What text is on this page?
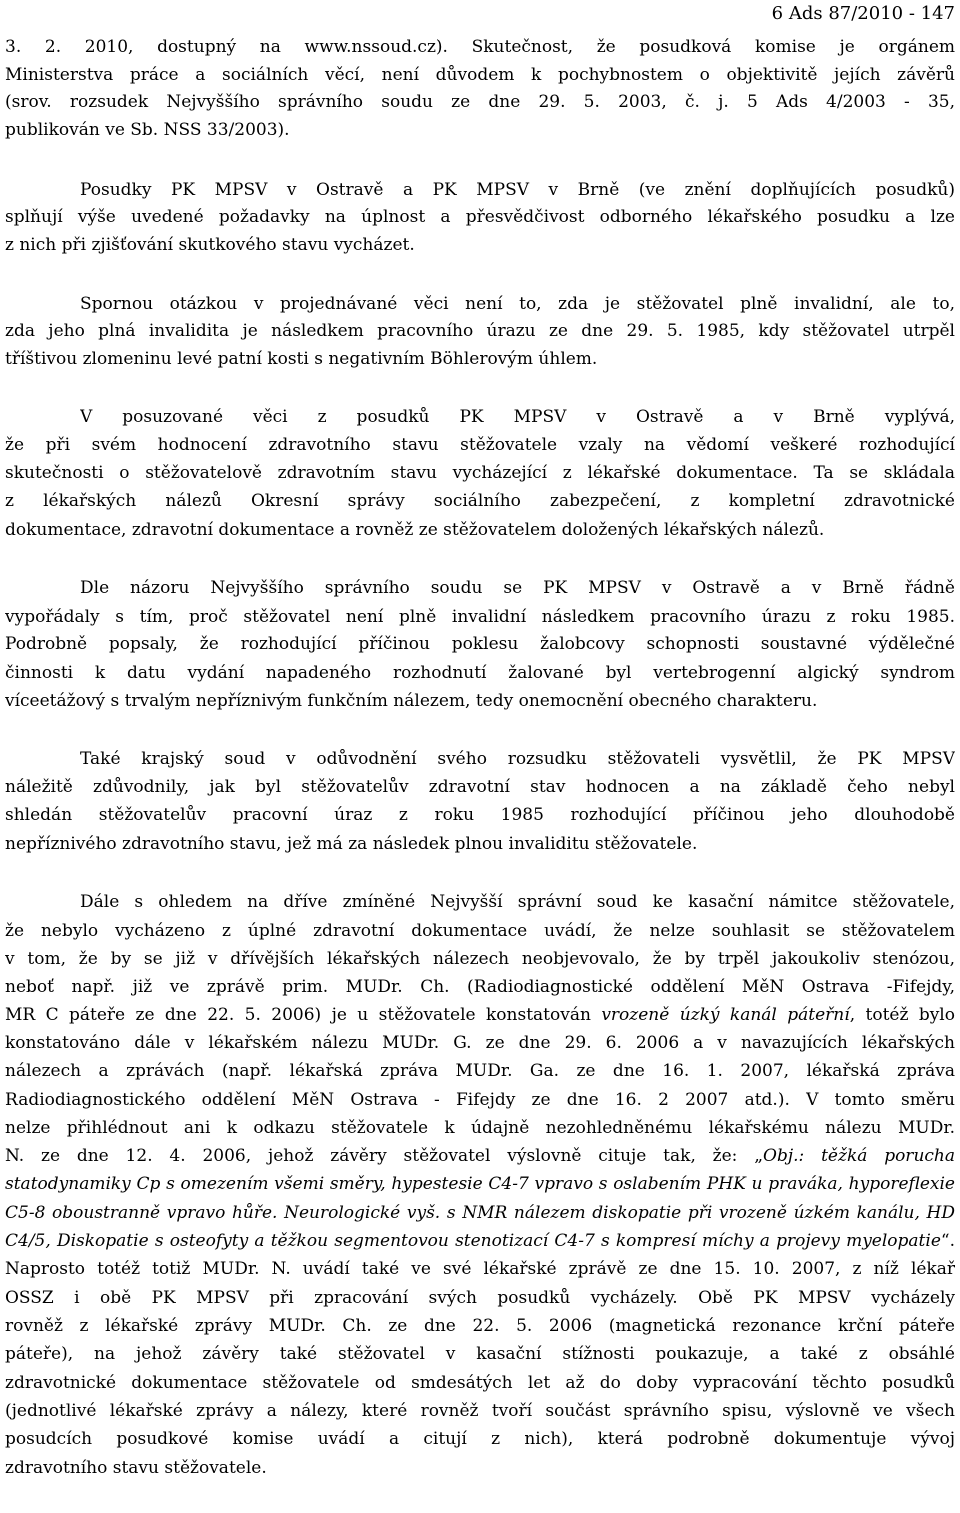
6 Ads 87/2010 - 147
3. 2. 2010, dostupný na www.nssoud.cz). Skutečnost, že posudková komise je orgánem
Ministerstva práce a sociálních věcí, není důvodem k pochybnostem o objektivitě jejích závěrů
(srov. rozsudek Nejvyššího správního soudu ze dne 29. 5. 2003, č. j. 5 Ads 4/2003 - 35,
publikován ve Sb. NSS 33/2003).
Posudky PK MPSV v Ostravě a PK MPSV v Brně (ve znění doplňujících posudků)
splňují výše uvedené požadavky na úplnost a přesvědčivost odborného lékařského posudku a lze
z nich při zjišťování skutkového stavu vycházet.
Spornou otázkou v projednávané věci není to, zda je stěžovatel plně invalidní, ale to,
zda jeho plná invalidita je následkem pracovního úrazu ze dne 29. 5. 1985, kdy stěžovatel utrpěl
tříštivou zlomeninu levé patní kosti s negativním Böhlerovým úhlem.
V posuzované věci z posudků PK MPSV v Ostravě a v Brně vyplývá,
že při svém hodnocení zdravotního stavu stěžovatele vzaly na vědomí veškeré rozhodující
skutečnosti o stěžovatelově zdravotním stavu vycházející z lékařské dokumentace. Ta se skládala
z lékařských nálezů Okresní správy sociálního zabezpečení, z kompletní zdravotnické
dokumentace, zdravotní dokumentace a rovněž ze stěžovatelem doložených lékařských nálezů.
Dle názoru Nejvyššího správního soudu se PK MPSV v Ostravě a v Brně řádně
vypořádaly s tím, proč stěžovatel není plně invalidní následkem pracovního úrazu z roku 1985.
Podrobně popsaly, že rozhodující příčinou poklesu žalobcovy schopnosti soustavné výdělečné
činnosti k datu vydání napadeného rozhodnutí žalované byl vertebrogenní algický syndrom
víceetážový s trvalým nepříznivým funkčním nálezem, tedy onemocnění obecného charakteru.
Také krajský soud v odůvodnění svého rozsudku stěžovateli vysvětlil, že PK MPSV
náležitě zdůvodnily, jak byl stěžovatelův zdravotní stav hodnocen a na základě čeho nebyl
shledán stěžovatelův pracovní úraz z roku 1985 rozhodující příčinou jeho dlouhodobě
nepříznivého zdravotního stavu, jež má za následek plnou invaliditu stěžovatele.
Dále s ohledem na dříve zmíněné Nejvyšší správní soud ke kasační námitce stěžovatele,
že nebylo vycházeno z úplné zdravotní dokumentace uvádí, že nelze souhlasit se stěžovatelem
v tom, že by se již v dřívějších lékařských nálezech neobjevovalo, že by trpěl jakoukoliv stenózou,
neboť např. již ve zprávě prim. MUDr. Ch. (Radiodiagnostické oddělení MěN Ostrava -Fifejdy,
MR C páteře ze dne 22. 5. 2006) je u stěžovatele konstatován vrozeně úzký kanál páteřní, totéž bylo
konstatováno dále v lékařském nálezu MUDr. G. ze dne 29. 6. 2006 a v navazujících lékařských
nálezech a zprávách (např. lékařská zpráva MUDr. Ga. ze dne 16. 1. 2007, lékařská zpráva
Radiodiagnostického oddělení MěN Ostrava - Fifejdy ze dne 16. 2 2007 atd.). V tomto směru
nelze přihlédnout ani k odkazu stěžovatele k údajně nezohledněnému lékařskému nálezu MUDr.
N. ze dne 12. 4. 2006, jehož závěry stěžovatel výslovně cituje tak, že: „Obj.: těžká porucha
statodynamiky Cp s omezením všemi směry, hypestesie C4-7 vpravo s oslabením PHK u pravákа, hyporeflexie
C5-8 oboustranně vpravo hůře. Neurologické vyš. s NMR nálezem diskopatie při vrozeně úzkém kanálu, HD
C4/5, Diskopatie s osteofyty a těžkou segmentovou stenotizací C4-7 s kompresí míchy a projevy myelopatie“.
Naprosto totéž totiž MUDr. N. uvádí také ve své lékařské zprávě ze dne 15. 10. 2007, z níž lékař
OSSZ i obě PK MPSV při zpracování svých posudků vycházely. Obě PK MPSV vycházely
rovněž z lékařské zprávy MUDr. Ch. ze dne 22. 5. 2006 (magnetická rezonance krční páteře
páteře), na jehož závěry také stěžovatel v kasační stížnosti poukazuje, a také z obsáhlé
zdravotnické dokumentace stěžovatele od smdesátých let až do doby vypracování těchto posudků
(jednotlivé lékařské zprávy a nálezy, které rovněž tvoří součást správního spisu, výslovně ve všech
posudcích posudkové komise uvádí a citují z nich), která podrobně dokumentuje vývoj
zdravotního stavu stěžovatele.
